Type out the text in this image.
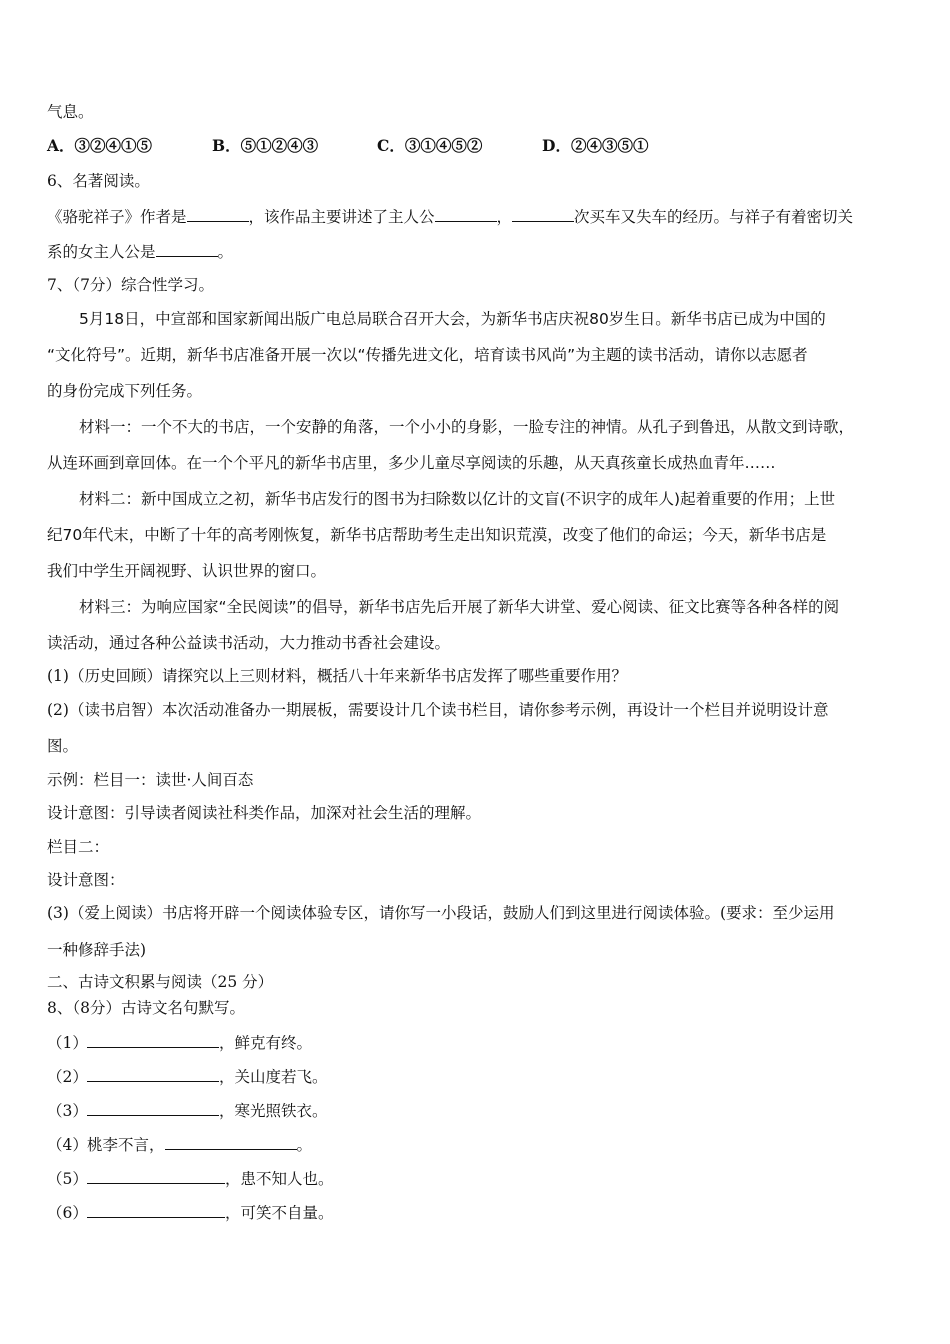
气息。
A．③②④①⑤	B．⑤①②④③	C．③①④⑤②	D．②④③⑤①
6、名著阅读。
《骆驼祥子》作者是	，该作品主要讲述了主人公	，	次买车又失车的经历。与祥子有着密切关
系的女主人公是	。
7、（7分）综合性学习。
5月18日，中宣部和国家新闻出版广电总局联合召开大会，为新华书店庆祝80岁生日。新华书店已成为中国的
“文化符号”。近期，新华书店准备开展一次以“传播先进文化，培育读书风尚”为主题的读书活动，请你以志愿者
的身份完成下列任务。
材料一：一个不大的书店，一个安静的角落，一个小小的身影，一脸专注的神情。从孔子到鲁迅，从散文到诗歌，
从连环画到章回体。在一个个平凡的新华书店里，多少儿童尽享阅读的乐趣，从天真孩童长成热血青年……
材料二：新中国成立之初，新华书店发行的图书为扫除数以亿计的文盲(不识字的成年人)起着重要的作用；上世
纪70年代末，中断了十年的高考刚恢复，新华书店帮助考生走出知识荒漠，改变了他们的命运；今天，新华书店是
我们中学生开阔视野、认识世界的窗口。
材料三：为响应国家“全民阅读”的倡导，新华书店先后开展了新华大讲堂、爱心阅读、征文比赛等各种各样的阅
读活动，通过各种公益读书活动，大力推动书香社会建设。
(1)（历史回顾）请探究以上三则材料，概括八十年来新华书店发挥了哪些重要作用？
(2)（读书启智）本次活动准备办一期展板，需要设计几个读书栏目，请你参考示例，再设计一个栏目并说明设计意
图。
示例：栏目一：读世·人间百态
设计意图：引导读者阅读社科类作品，加深对社会生活的理解。
栏目二：
设计意图：
(3)（爱上阅读）书店将开辟一个阅读体验专区，请你写一小段话，鼓励人们到这里进行阅读体验。(要求：至少运用
一种修辞手法)
二、古诗文积累与阅读（25 分）
8、（8分）古诗文名句默写。
（1）	，鲜克有终。
（2）	，关山度若飞。
（3）	，寒光照铁衣。
（4）桃李不言，	。
（5）	，患不知人也。
（6）	，可笑不自量。
